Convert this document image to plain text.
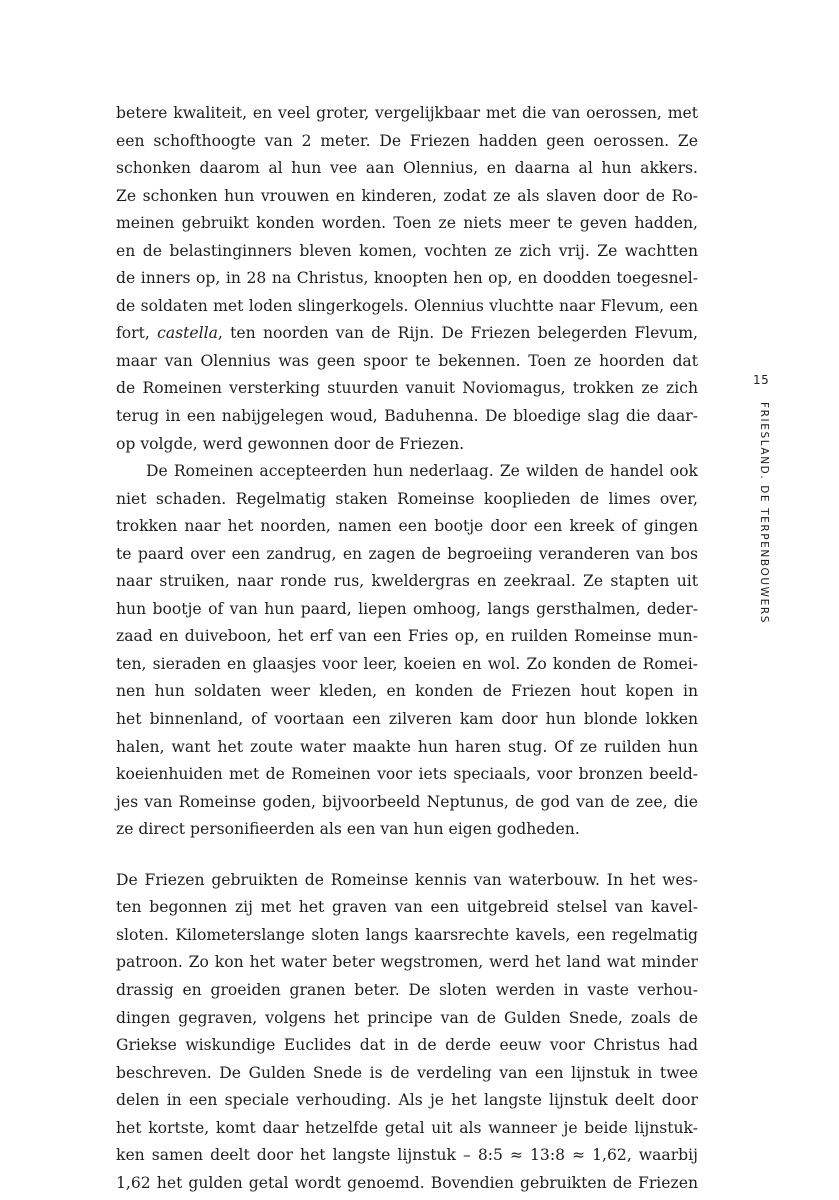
betere kwaliteit, en veel groter, vergelijkbaar met die van oerossen, met
een schofthoogte van 2 meter. De Friezen hadden geen oerossen. Ze
schonken daarom al hun vee aan Olennius, en daarna al hun akkers.
Ze schonken hun vrouwen en kinderen, zodat ze als slaven door de Ro-
meinen gebruikt konden worden. Toen ze niets meer te geven hadden,
en de belastinginners bleven komen, vochten ze zich vrij. Ze wachtten
de inners op, in 28 na Christus, knoopten hen op, en doodden toegesnel-
de soldaten met loden slingerkogels. Olennius vluchtte naar Flevum, een
fort, castella, ten noorden van de Rijn. De Friezen belegerden Flevum,
maar van Olennius was geen spoor te bekennen. Toen ze hoorden dat
de Romeinen versterking stuurden vanuit Noviomagus, trokken ze zich
terug in een nabijgelegen woud, Baduhenna. De bloedige slag die daar-
op volgde, werd gewonnen door de Friezen.
De Romeinen accepteerden hun nederlaag. Ze wilden de handel ook
niet schaden. Regelmatig staken Romeinse kooplieden de limes over,
trokken naar het noorden, namen een bootje door een kreek of gingen
te paard over een zandrug, en zagen de begroeiing veranderen van bos
naar struiken, naar ronde rus, kweldergras en zeekraal. Ze stapten uit
hun bootje of van hun paard, liepen omhoog, langs gersthalmen, deder-
zaad en duiveboon, het erf van een Fries op, en ruilden Romeinse mun-
ten, sieraden en glaasjes voor leer, koeien en wol. Zo konden de Romei-
nen hun soldaten weer kleden, en konden de Friezen hout kopen in
het binnenland, of voortaan een zilveren kam door hun blonde lokken
halen, want het zoute water maakte hun haren stug. Of ze ruilden hun
koeienhuiden met de Romeinen voor iets speciaals, voor bronzen beeld-
jes van Romeinse goden, bijvoorbeeld Neptunus, de god van de zee, die
ze direct personifieerden als een van hun eigen godheden.
De Friezen gebruikten de Romeinse kennis van waterbouw. In het wes-
ten begonnen zij met het graven van een uitgebreid stelsel van kavel-
sloten. Kilometerslange sloten langs kaarsrechte kavels, een regelmatig
patroon. Zo kon het water beter wegstromen, werd het land wat minder
drassig en groeiden granen beter. De sloten werden in vaste verhou-
dingen gegraven, volgens het principe van de Gulden Snede, zoals de
Griekse wiskundige Euclides dat in de derde eeuw voor Christus had
beschreven. De Gulden Snede is de verdeling van een lijnstuk in twee
delen in een speciale verhouding. Als je het langste lijnstuk deelt door
het kortste, komt daar hetzelfde getal uit als wanneer je beide lijnstuk-
ken samen deelt door het langste lijnstuk – 8:5 ≈ 13:8 ≈ 1,62, waarbij
1,62 het gulden getal wordt genoemd. Bovendien gebruikten de Friezen
15
FRIESLAND. DE TERPENBOUWERS
